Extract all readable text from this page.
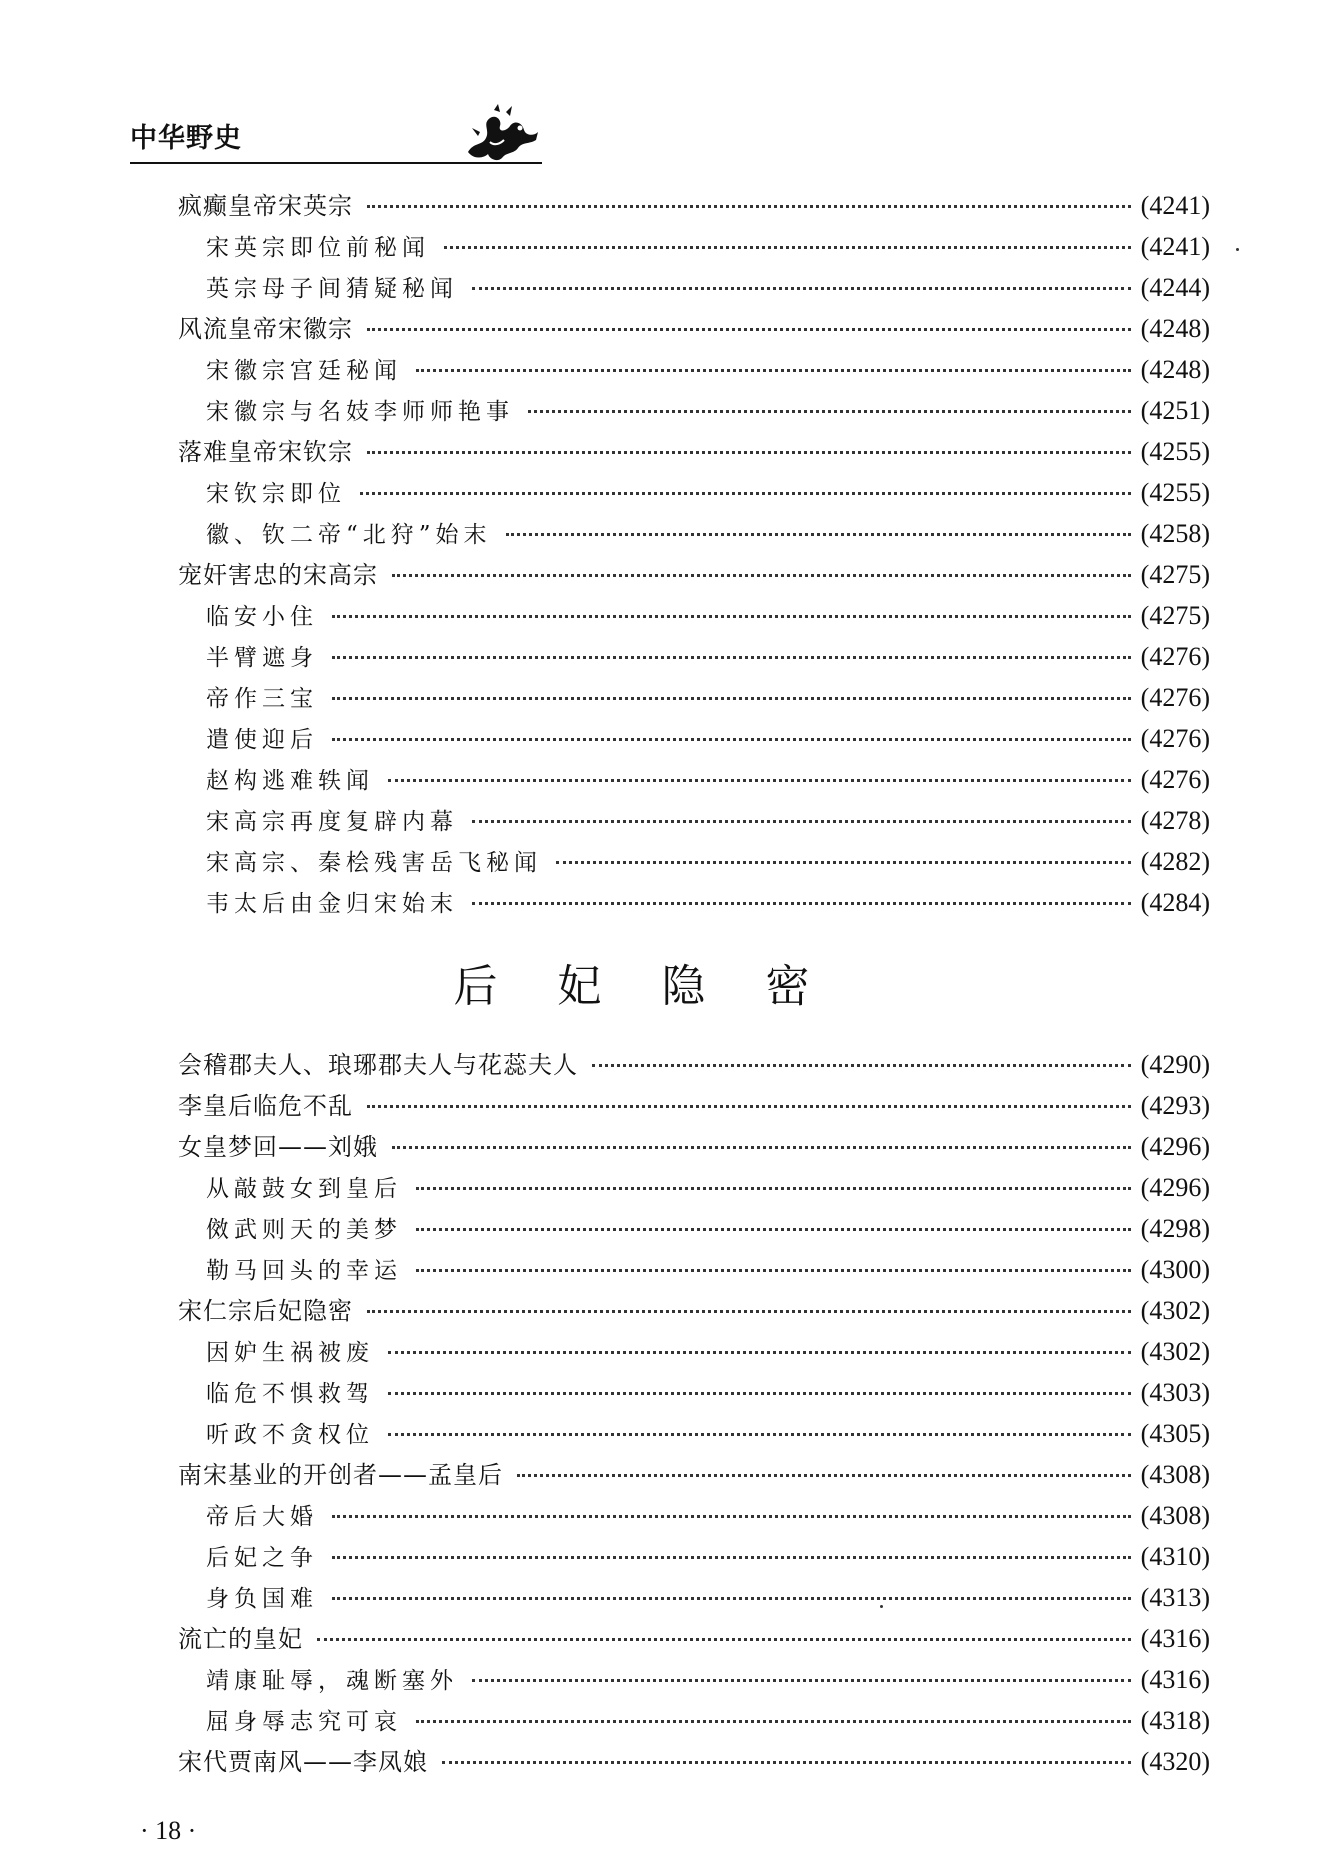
中华野史
疯癫皇帝宋英宗	(4241)
宋英宗即位前秘闻	(4241)
英宗母子间猜疑秘闻	(4244)
风流皇帝宋徽宗	(4248)
宋徽宗宫廷秘闻	(4248)
宋徽宗与名妓李师师艳事	(4251)
落难皇帝宋钦宗	(4255)
宋钦宗即位	(4255)
徽、钦二帝“北狩”始末	(4258)
宠奸害忠的宋高宗	(4275)
临安小住	(4275)
半臂遮身	(4276)
帝作三宝	(4276)
遣使迎后	(4276)
赵构逃难轶闻	(4276)
宋高宗再度复辟内幕	(4278)
宋高宗、秦桧残害岳飞秘闻	(4282)
韦太后由金归宋始末	(4284)
会稽郡夫人、琅琊郡夫人与花蕊夫人	(4290)
李皇后临危不乱	(4293)
女皇梦回——刘娥	(4296)
从敲鼓女到皇后	(4296)
傚武则天的美梦	(4298)
勒马回头的幸运	(4300)
宋仁宗后妃隐密	(4302)
因妒生祸被废	(4302)
临危不惧救驾	(4303)
听政不贪权位	(4305)
南宋基业的开创者——孟皇后	(4308)
帝后大婚	(4308)
后妃之争	(4310)
身负国难	(4313)
流亡的皇妃	(4316)
靖康耻辱，魂断塞外	(4316)
屈身辱志究可哀	(4318)
宋代贾南风——李凤娘	(4320)
后妃隐密
· 18 ·
